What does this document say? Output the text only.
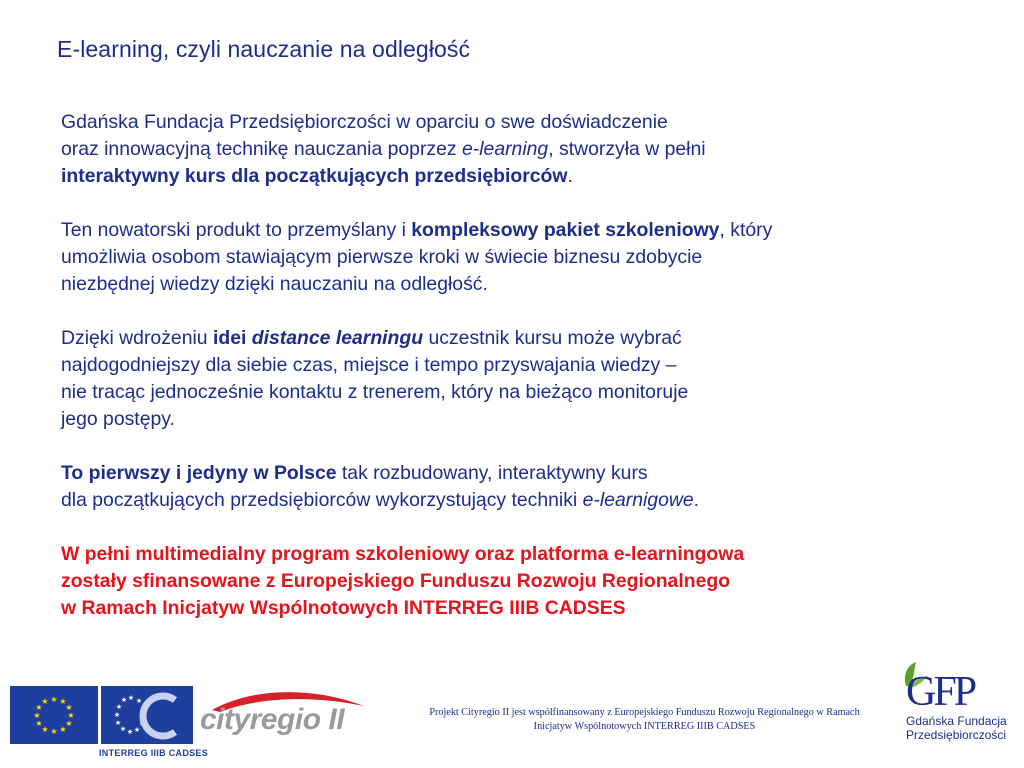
E-learning, czyli nauczanie na odległość
Gdańska Fundacja Przedsiębiorczości w oparciu o swe doświadczenie
oraz innowacyjną technikę nauczania poprzez e-learning, stworzyła w pełni
interaktywny kurs dla początkujących przedsiębiorców.
Ten nowatorski produkt to przemyślany i kompleksowy pakiet szkoleniowy, który
umożliwia osobom stawiającym pierwsze kroki w świecie biznesu zdobycie
niezbędnej wiedzy dzięki nauczaniu na odległość.
Dzięki wdrożeniu idei distance learningu uczestnik kursu może wybrać
najdogodniejszy dla siebie czas, miejsce i tempo przyswajania wiedzy –
nie tracąc jednocześnie kontaktu z trenerem, który na bieżąco monitoruje
jego postępy.
To pierwszy i jedyny w Polsce tak rozbudowany, interaktywny kurs
dla początkujących przedsiębiorców wykorzystujący techniki e-learnigowe.
W pełni multimedialny program szkoleniowy oraz platforma e-learningowa
zostały sfinansowane z Europejskiego Funduszu Rozwoju Regionalnego
w Ramach Inicjatyw Wspólnotowych INTERREG IIIB CADSES
★ ★
★
★
★
★
★
★
★
★
★
★	★ ★
★
★
★
★
★
★
★
★
★
★
INTERREG IIIB CADSES
cityregio II	Projekt Cityregio II jest współfinansowany z Europejskiego Funduszu Rozwoju Regionalnego w Ramach
Inicjatyw Wspólnotowych INTERREG IIIB CADSES
GFP
Gdańska Fundacja
Przedsiębiorczości
